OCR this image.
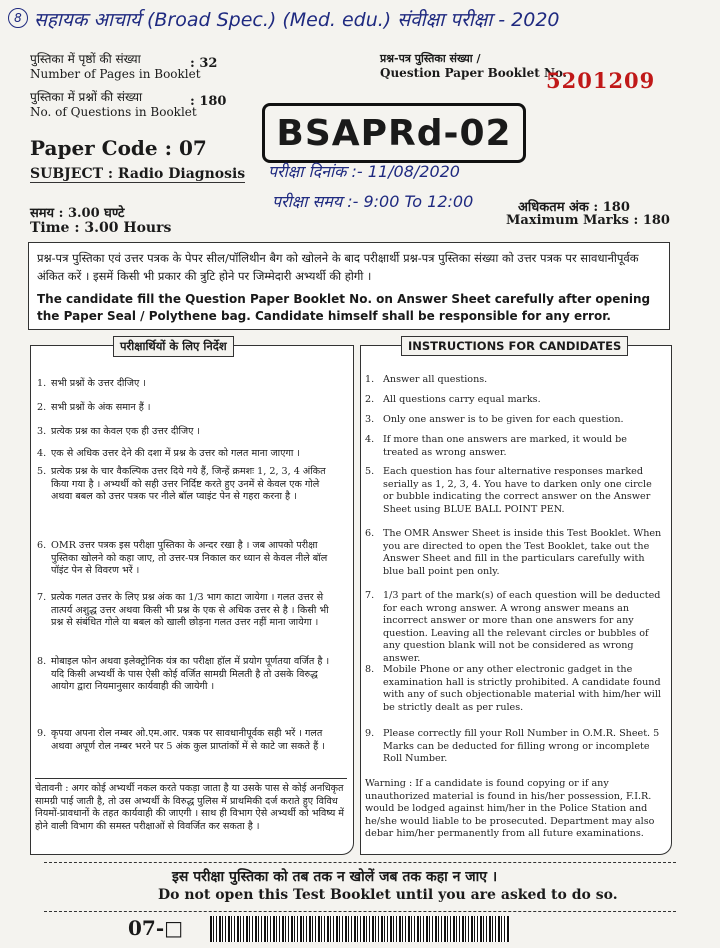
8 सहायक आचार्य (Broad Spec.) (Med. edu.) संवीक्षा परीक्षा - 2020
पुस्तिका में पृष्ठों की संख्या
Number of Pages in Booklet
: 32
पुस्तिका में प्रश्नों की संख्या
No. of Questions in Booklet
: 180
प्रश्न-पत्र पुस्तिका संख्या /
Question Paper Booklet No.
5201209
BSAPRd-02
Paper Code : 07
SUBJECT : Radio Diagnosis परीक्षा दिनांक :- 11/08/2020
परीक्षा समय :- 9:00 To 12:00
समय : 3.00 घण्टे
Time : 3.00 Hours
अधिकतम अंक : 180
Maximum Marks : 180
प्रश्न-पत्र पुस्तिका एवं उत्तर पत्रक के पेपर सील/पॉलिथीन बैग को खोलने के बाद परीक्षार्थी प्रश्न-पत्र पुस्तिका संख्या को उत्तर पत्रक पर सावधानीपूर्वक अंकित करें । इसमें किसी भी प्रकार की त्रुटि होने पर जिम्मेदारी अभ्यर्थी की होगी ।
The candidate fill the Question Paper Booklet No. on Answer Sheet carefully after opening the Paper Seal / Polythene bag. Candidate himself shall be responsible for any error.
परीक्षार्थियों के लिए निर्देश
1. सभी प्रश्नों के उत्तर दीजिए ।
2. सभी प्रश्नों के अंक समान हैं ।
3. प्रत्येक प्रश्न का केवल एक ही उत्तर दीजिए ।
4. एक से अधिक उत्तर देने की दशा में प्रश्न के उत्तर को गलत माना जाएगा ।
5. प्रत्येक प्रश्न के चार वैकल्पिक उत्तर दिये गये हैं, जिन्हें क्रमशः 1, 2, 3, 4 अंकित किया गया है । अभ्यर्थी को सही उत्तर निर्दिष्ट करते हुए उनमें से केवल एक गोले अथवा बबल को उत्तर पत्रक पर नीले बॉल प्वाइंट पेन से गहरा करना है ।
6. OMR उत्तर पत्रक इस परीक्षा पुस्तिका के अन्दर रखा है । जब आपको परीक्षा पुस्तिका खोलने को कहा जाए, तो उत्तर-पत्र निकाल कर ध्यान से केवल नीले बॉल पॉइंट पेन से विवरण भरें ।
7. प्रत्येक गलत उत्तर के लिए प्रश्न अंक का 1/3 भाग काटा जायेगा । गलत उत्तर से तात्पर्य अशुद्ध उत्तर अथवा किसी भी प्रश्न के एक से अधिक उत्तर से है । किसी भी प्रश्न से संबंधित गोले या बबल को खाली छोड़ना गलत उत्तर नहीं माना जायेगा ।
8. मोबाइल फोन अथवा इलेक्ट्रोनिक यंत्र का परीक्षा हॉल में प्रयोग पूर्णतया वर्जित है । यदि किसी अभ्यर्थी के पास ऐसी कोई वर्जित सामग्री मिलती है तो उसके विरुद्ध आयोग द्वारा नियमानुसार कार्यवाही की जायेगी ।
9. कृपया अपना रोल नम्बर ओ.एम.आर. पत्रक पर सावधानीपूर्वक सही भरें । गलत अथवा अपूर्ण रोल नम्बर भरने पर 5 अंक कुल प्राप्तांकों में से काटे जा सकते हैं ।
चेतावनी : अगर कोई अभ्यर्थी नकल करते पकड़ा जाता है या उसके पास से कोई अनधिकृत सामग्री पाई जाती है, तो उस अभ्यर्थी के विरुद्ध पुलिस में प्राथमिकी दर्ज कराते हुए विविध नियमों-प्रावधानों के तहत कार्यवाही की जाएगी । साथ ही विभाग ऐसे अभ्यर्थी को भविष्य में होने वाली विभाग की समस्त परीक्षाओं से विवर्जित कर सकता है ।
INSTRUCTIONS FOR CANDIDATES
1. Answer all questions.
2. All questions carry equal marks.
3. Only one answer is to be given for each question.
4. If more than one answers are marked, it would be treated as wrong answer.
5. Each question has four alternative responses marked serially as 1, 2, 3, 4. You have to darken only one circle or bubble indicating the correct answer on the Answer Sheet using BLUE BALL POINT PEN.
6. The OMR Answer Sheet is inside this Test Booklet. When you are directed to open the Test Booklet, take out the Answer Sheet and fill in the particulars carefully with blue ball point pen only.
7. 1/3 part of the mark(s) of each question will be deducted for each wrong answer. A wrong answer means an incorrect answer or more than one answers for any question. Leaving all the relevant circles or bubbles of any question blank will not be considered as wrong answer.
8. Mobile Phone or any other electronic gadget in the examination hall is strictly prohibited. A candidate found with any of such objectionable material with him/her will be strictly dealt as per rules.
9. Please correctly fill your Roll Number in O.M.R. Sheet. 5 Marks can be deducted for filling wrong or incomplete Roll Number.
Warning : If a candidate is found copying or if any unauthorized material is found in his/her possession, F.I.R. would be lodged against him/her in the Police Station and he/she would liable to be prosecuted. Department may also debar him/her permanently from all future examinations.
इस परीक्षा पुस्तिका को तब तक न खोलें जब तक कहा न जाए ।
Do not open this Test Booklet until you are asked to do so.
07-□
